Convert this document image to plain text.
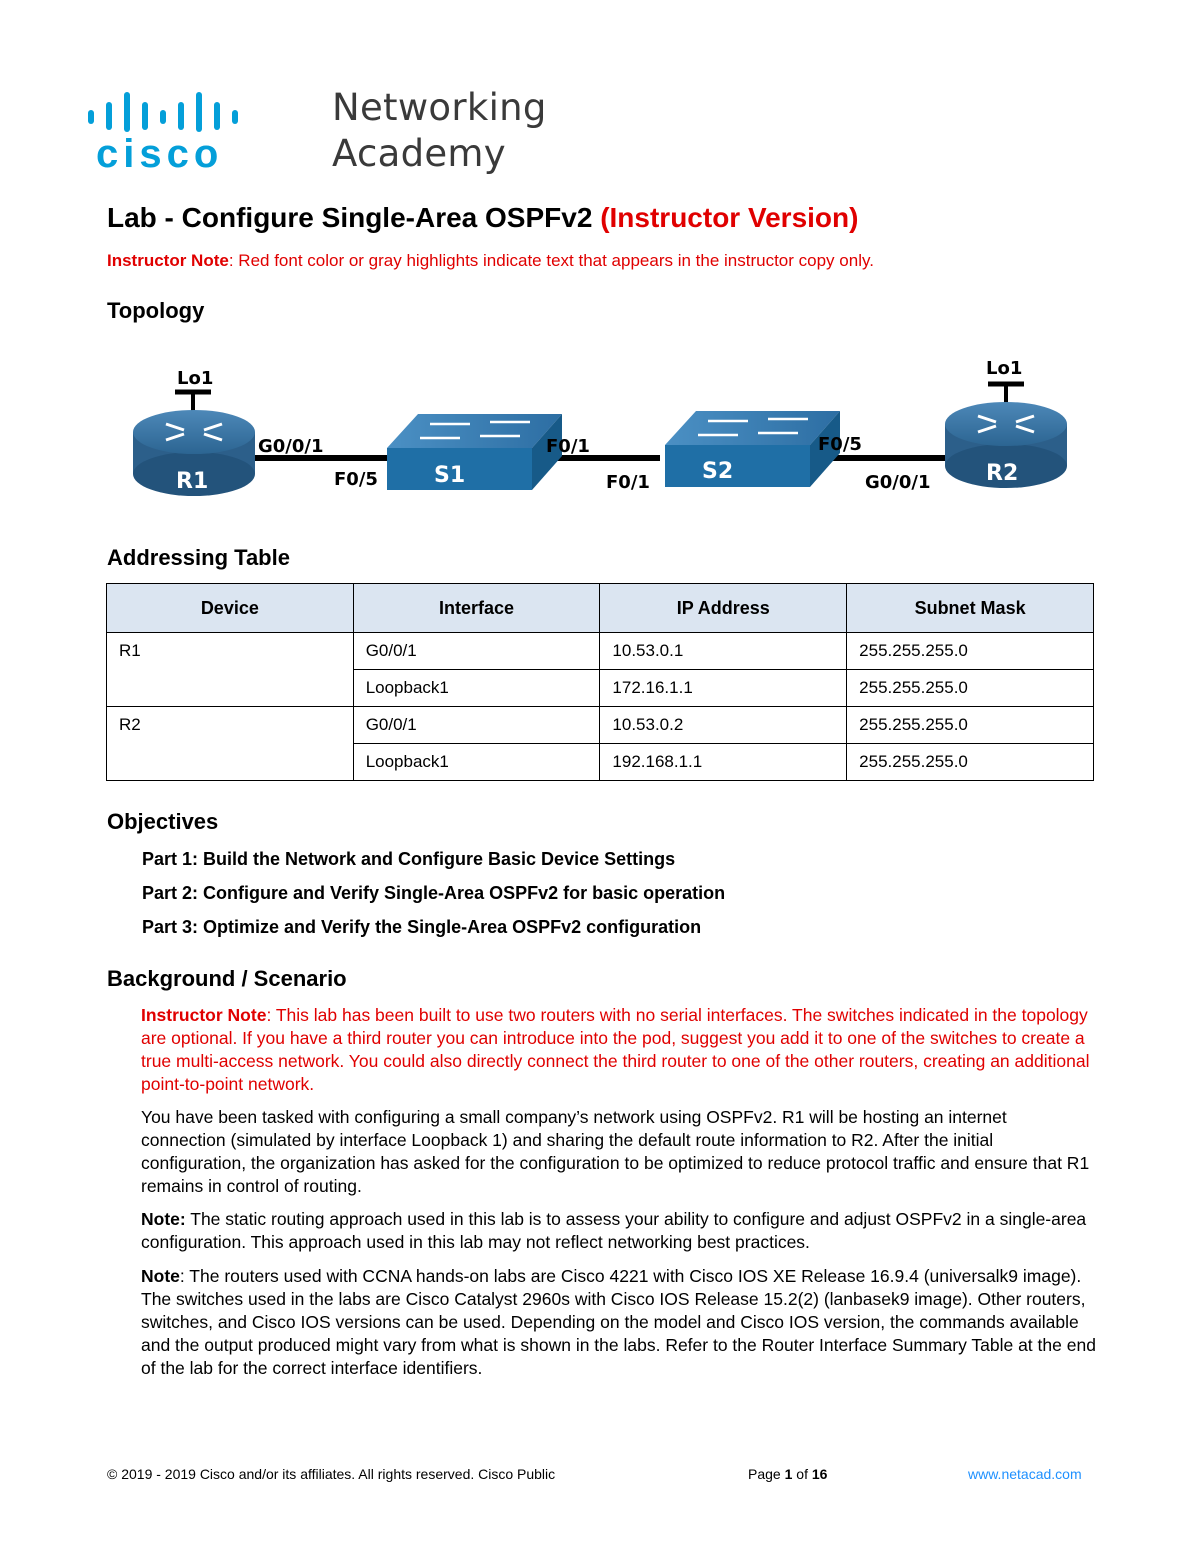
Networking
Academy
cisco
Lab - Configure Single-Area OSPFv2 (Instructor Version)
Instructor Note: Red font color or gray highlights indicate text that appears in the instructor copy only.
Topology
R1
Lo1
G0/0/1
S1
F0/5
F0/1
S2
F0/1
F0/5
R2
Lo1
G0/0/1
Addressing Table
Device	Interface	IP Address	Subnet Mask
R1	G0/0/1	10.53.0.1	255.255.255.0
	Loopback1	172.16.1.1	255.255.255.0
R2	G0/0/1	10.53.0.2	255.255.255.0
	Loopback1	192.168.1.1	255.255.255.0
Objectives
Part 1: Build the Network and Configure Basic Device Settings
Part 2: Configure and Verify Single-Area OSPFv2 for basic operation
Part 3: Optimize and Verify the Single-Area OSPFv2 configuration
Background / Scenario
Instructor Note: This lab has been built to use two routers with no serial interfaces. The switches indicated in the topology are optional. If you have a third router you can introduce into the pod, suggest you add it to one of the switches to create a true multi-access network. You could also directly connect the third router to one of the other routers, creating an additional point-to-point network.
You have been tasked with configuring a small company’s network using OSPFv2. R1 will be hosting an internet connection (simulated by interface Loopback 1) and sharing the default route information to R2. After the initial configuration, the organization has asked for the configuration to be optimized to reduce protocol traffic and ensure that R1 remains in control of routing.
Note: The static routing approach used in this lab is to assess your ability to configure and adjust OSPFv2 in a single-area configuration. This approach used in this lab may not reflect networking best practices.
Note: The routers used with CCNA hands-on labs are Cisco 4221 with Cisco IOS XE Release 16.9.4 (universalk9 image). The switches used in the labs are Cisco Catalyst 2960s with Cisco IOS Release 15.2(2) (lanbasek9 image). Other routers, switches, and Cisco IOS versions can be used. Depending on the model and Cisco IOS version, the commands available and the output produced might vary from what is shown in the labs. Refer to the Router Interface Summary Table at the end of the lab for the correct interface identifiers.
© 2019 - 2019 Cisco and/or its affiliates. All rights reserved. Cisco Public	Page 1 of 16	www.netacad.com
